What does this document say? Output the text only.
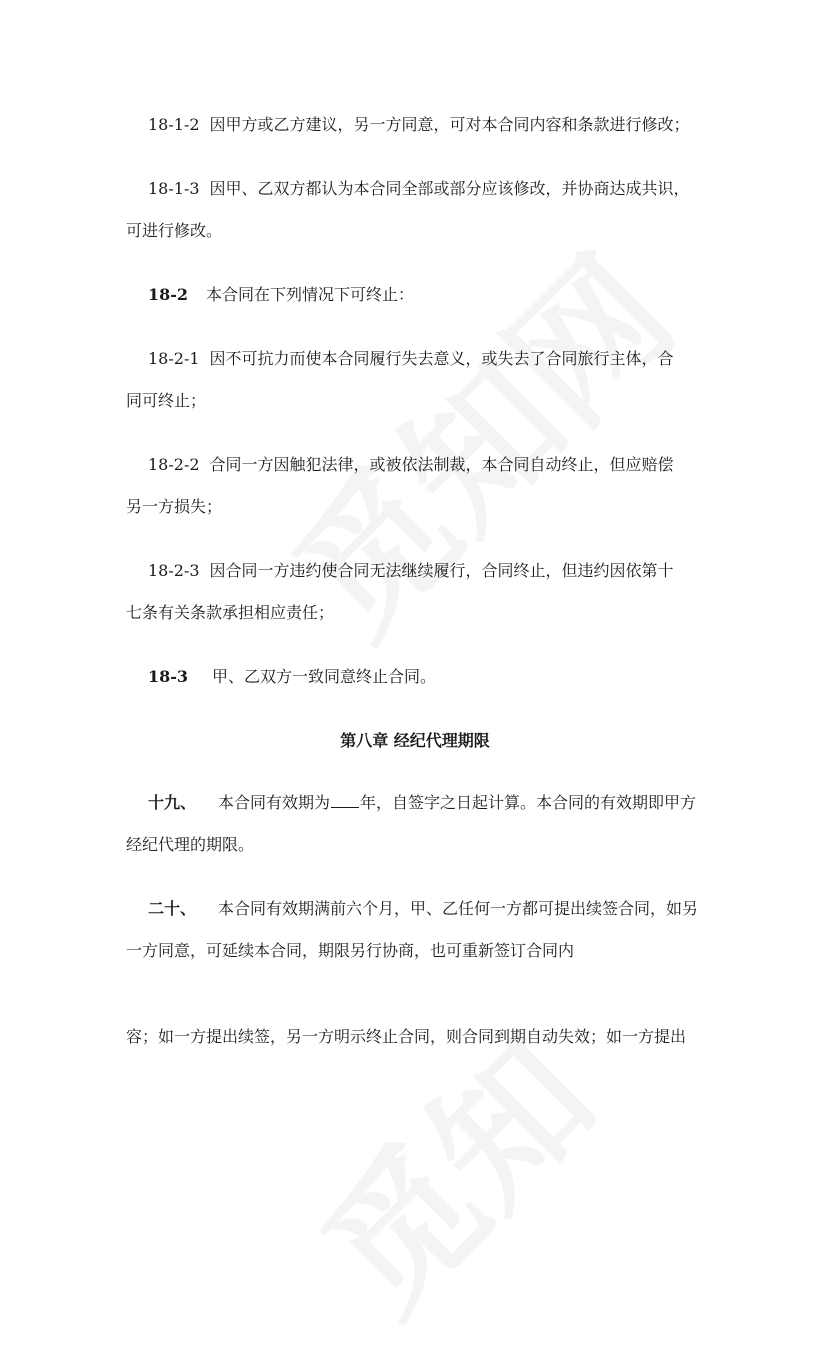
18-1-2 因甲方或乙方建议，另一方同意，可对本合同内容和条款进行修改；
18-1-3 因甲、乙双方都认为本合同全部或部分应该修改，并协商达成共识，
可进行修改。
18-2 本合同在下列情况下可终止：
18-2-1 因不可抗力而使本合同履行失去意义，或失去了合同旅行主体，合
同可终止；
18-2-2 合同一方因触犯法律，或被依法制裁，本合同自动终止，但应赔偿
另一方损失；
18-2-3 因合同一方违约使合同无法继续履行，合同终止，但违约因依第十
七条有关条款承担相应责任；
18-3 甲、乙双方一致同意终止合同。
第八章 经纪代理期限
十九、 本合同有效期为 年，自签字之日起计算。本合同的有效期即甲方
经纪代理的期限。
二十、 本合同有效期满前六个月，甲、乙任何一方都可提出续签合同，如另
一方同意，可延续本合同，期限另行协商，也可重新签订合同内
容；如一方提出续签，另一方明示终止合同，则合同到期自动失效；如一方提出
